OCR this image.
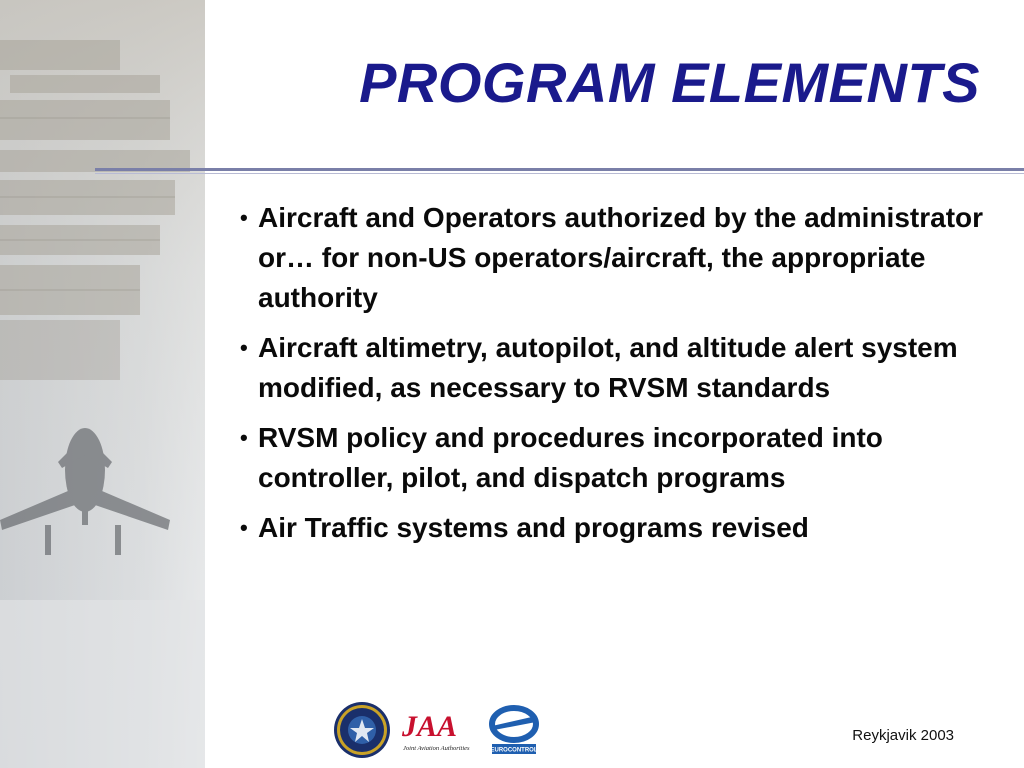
PROGRAM ELEMENTS
• Aircraft and Operators authorized by the administrator or… for non-US operators/aircraft, the appropriate authority
• Aircraft altimetry, autopilot, and altitude alert system modified, as necessary to RVSM standards
• RVSM policy and procedures incorporated into controller, pilot, and dispatch programs
• Air Traffic systems and programs revised
JAA
Joint Aviation Authorities	EUROCONTROL
Reykjavik 2003
